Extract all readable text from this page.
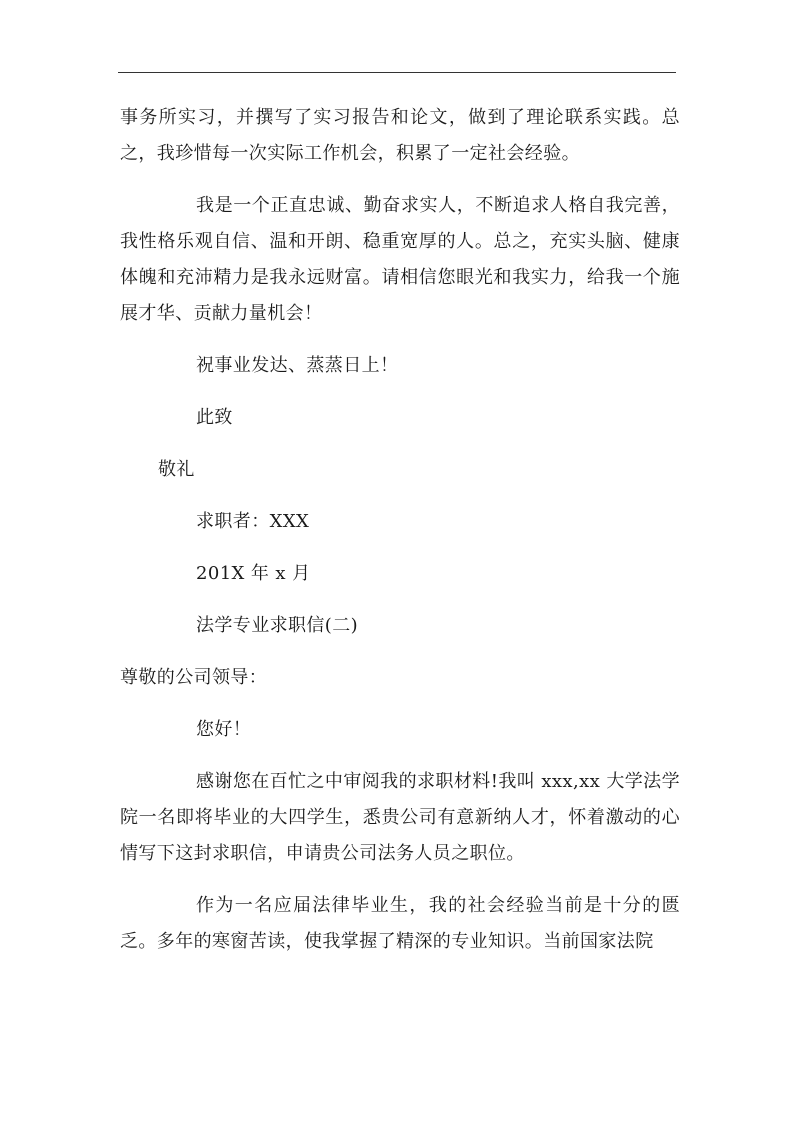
事务所实习，并撰写了实习报告和论文，做到了理论联系实践。总之，我珍惜每一次实际工作机会，积累了一定社会经验。

我是一个正直忠诚、勤奋求实人，不断追求人格自我完善，我性格乐观自信、温和开朗、稳重宽厚的人。总之，充实头脑、健康体魄和充沛精力是我永远财富。请相信您眼光和我实力，给我一个施展才华、贡献力量机会！

祝事业发达、蒸蒸日上！

此致

敬礼

求职者：XXX

201X 年 x 月

法学专业求职信(二)

尊敬的公司领导：

您好！

感谢您在百忙之中审阅我的求职材料!我叫 xxx,xx 大学法学院一名即将毕业的大四学生，悉贵公司有意新纳人才，怀着激动的心情写下这封求职信，申请贵公司法务人员之职位。

作为一名应届法律毕业生，我的社会经验当前是十分的匮乏。多年的寒窗苦读，使我掌握了精深的专业知识。当前国家法院
